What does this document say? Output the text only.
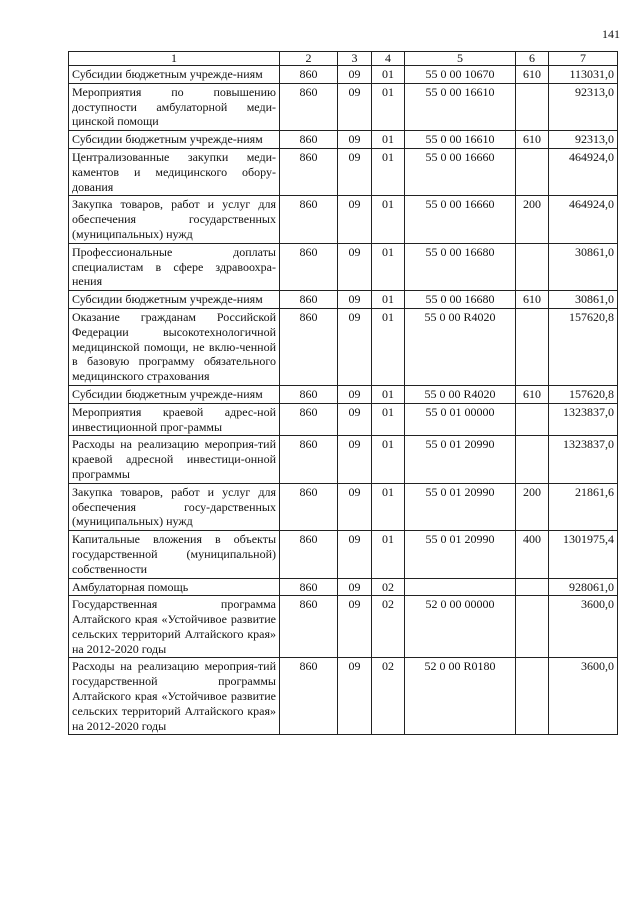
141
1	2	3	4	5	6	7
Субсидии бюджетным учрежде-ниям	860	09	01	55 0 00 10670	610	113031,0
Мероприятия по повышению доступности амбулаторной меди-цинской помощи	860	09	01	55 0 00 16610		92313,0
Субсидии бюджетным учрежде-ниям	860	09	01	55 0 00 16610	610	92313,0
Централизованные закупки меди-каментов и медицинского обору-дования	860	09	01	55 0 00 16660		464924,0
Закупка товаров, работ и услуг для обеспечения государственных (муниципальных) нужд	860	09	01	55 0 00 16660	200	464924,0
Профессиональные доплаты специалистам в сфере здравоохра-нения	860	09	01	55 0 00 16680		30861,0
Субсидии бюджетным учрежде-ниям	860	09	01	55 0 00 16680	610	30861,0
Оказание гражданам Российской Федерации высокотехнологичной медицинской помощи, не вклю-ченной в базовую программу обязательного медицинского страхования	860	09	01	55 0 00 R4020		157620,8
Субсидии бюджетным учрежде-ниям	860	09	01	55 0 00 R4020	610	157620,8
Мероприятия краевой адрес-ной инвестиционной прог-раммы	860	09	01	55 0 01 00000		1323837,0
Расходы на реализацию мероприя-тий краевой адресной инвестици-онной программы	860	09	01	55 0 01 20990		1323837,0
Закупка товаров, работ и услуг для обеспечения госу-дарственных (муниципальных) нужд	860	09	01	55 0 01 20990	200	21861,6
Капитальные вложения в объекты государственной (муниципальной) собственности	860	09	01	55 0 01 20990	400	1301975,4
Амбулаторная помощь	860	09	02			928061,0
Государственная программа Алтайского края «Устойчивое развитие сельских территорий Алтайского края» на 2012-2020 годы	860	09	02	52 0 00 00000		3600,0
Расходы на реализацию мероприя-тий государственной программы Алтайского края «Устойчивое развитие сельских территорий Алтайского края» на 2012-2020 годы	860	09	02	52 0 00 R0180		3600,0
